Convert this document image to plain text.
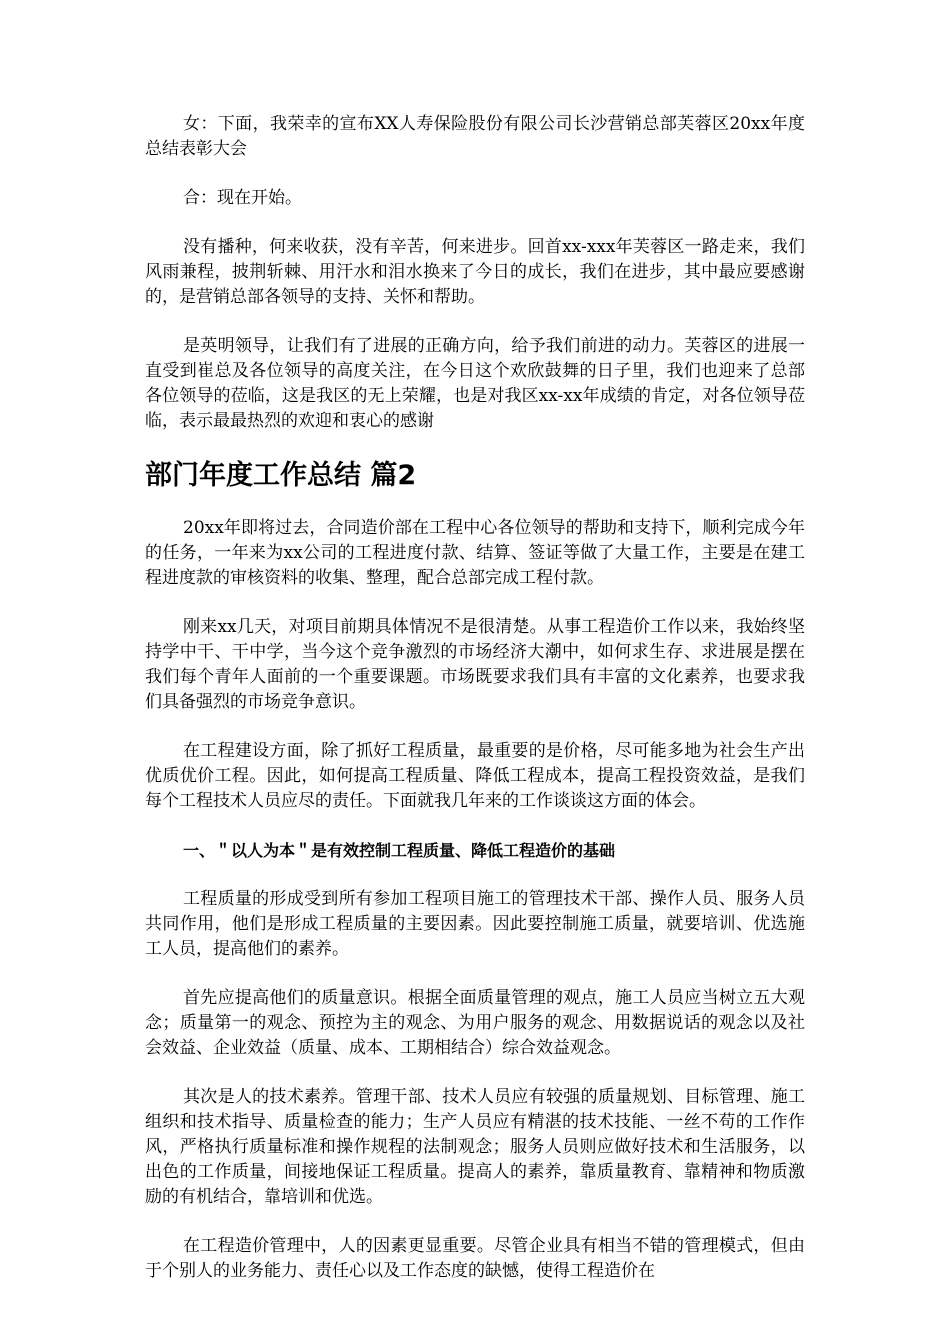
女：下面，我荣幸的宣布XX人寿保险股份有限公司长沙营销总部芙蓉区20xx年度总结表彰大会

合：现在开始。

没有播种，何来收获，没有辛苦，何来进步。回首xx-xxx年芙蓉区一路走来，我们风雨兼程，披荆斩棘、用汗水和泪水换来了今日的成长，我们在进步，其中最应要感谢的，是营销总部各领导的支持、关怀和帮助。

是英明领导，让我们有了进展的正确方向，给予我们前进的动力。芙蓉区的进展一直受到崔总及各位领导的高度关注，在今日这个欢欣鼓舞的日子里，我们也迎来了总部各位领导的莅临，这是我区的无上荣耀，也是对我区xx-xx年成绩的肯定，对各位领导莅临，表示最最热烈的欢迎和衷心的感谢

部门年度工作总结 篇2

20xx年即将过去，合同造价部在工程中心各位领导的帮助和支持下，顺利完成今年的任务，一年来为xx公司的工程进度付款、结算、签证等做了大量工作，主要是在建工程进度款的审核资料的收集、整理，配合总部完成工程付款。

刚来xx几天，对项目前期具体情况不是很清楚。从事工程造价工作以来，我始终坚持学中干、干中学，当今这个竞争激烈的市场经济大潮中，如何求生存、求进展是摆在我们每个青年人面前的一个重要课题。市场既要求我们具有丰富的文化素养，也要求我们具备强烈的市场竞争意识。

在工程建设方面，除了抓好工程质量，最重要的是价格，尽可能多地为社会生产出优质优价工程。因此，如何提高工程质量、降低工程成本，提高工程投资效益，是我们每个工程技术人员应尽的责任。下面就我几年来的工作谈谈这方面的体会。

一、＂以人为本＂是有效控制工程质量、降低工程造价的基础

工程质量的形成受到所有参加工程项目施工的管理技术干部、操作人员、服务人员共同作用，他们是形成工程质量的主要因素。因此要控制施工质量，就要培训、优选施工人员，提高他们的素养。

首先应提高他们的质量意识。根据全面质量管理的观点，施工人员应当树立五大观念；质量第一的观念、预控为主的观念、为用户服务的观念、用数据说话的观念以及社会效益、企业效益（质量、成本、工期相结合）综合效益观念。

其次是人的技术素养。管理干部、技术人员应有较强的质量规划、目标管理、施工组织和技术指导、质量检查的能力；生产人员应有精湛的技术技能、一丝不苟的工作作风，严格执行质量标准和操作规程的法制观念；服务人员则应做好技术和生活服务，以出色的工作质量，间接地保证工程质量。提高人的素养，靠质量教育、靠精神和物质激励的有机结合，靠培训和优选。

在工程造价管理中，人的因素更显重要。尽管企业具有相当不错的管理模式，但由于个别人的业务能力、责任心以及工作态度的缺憾，使得工程造价在
